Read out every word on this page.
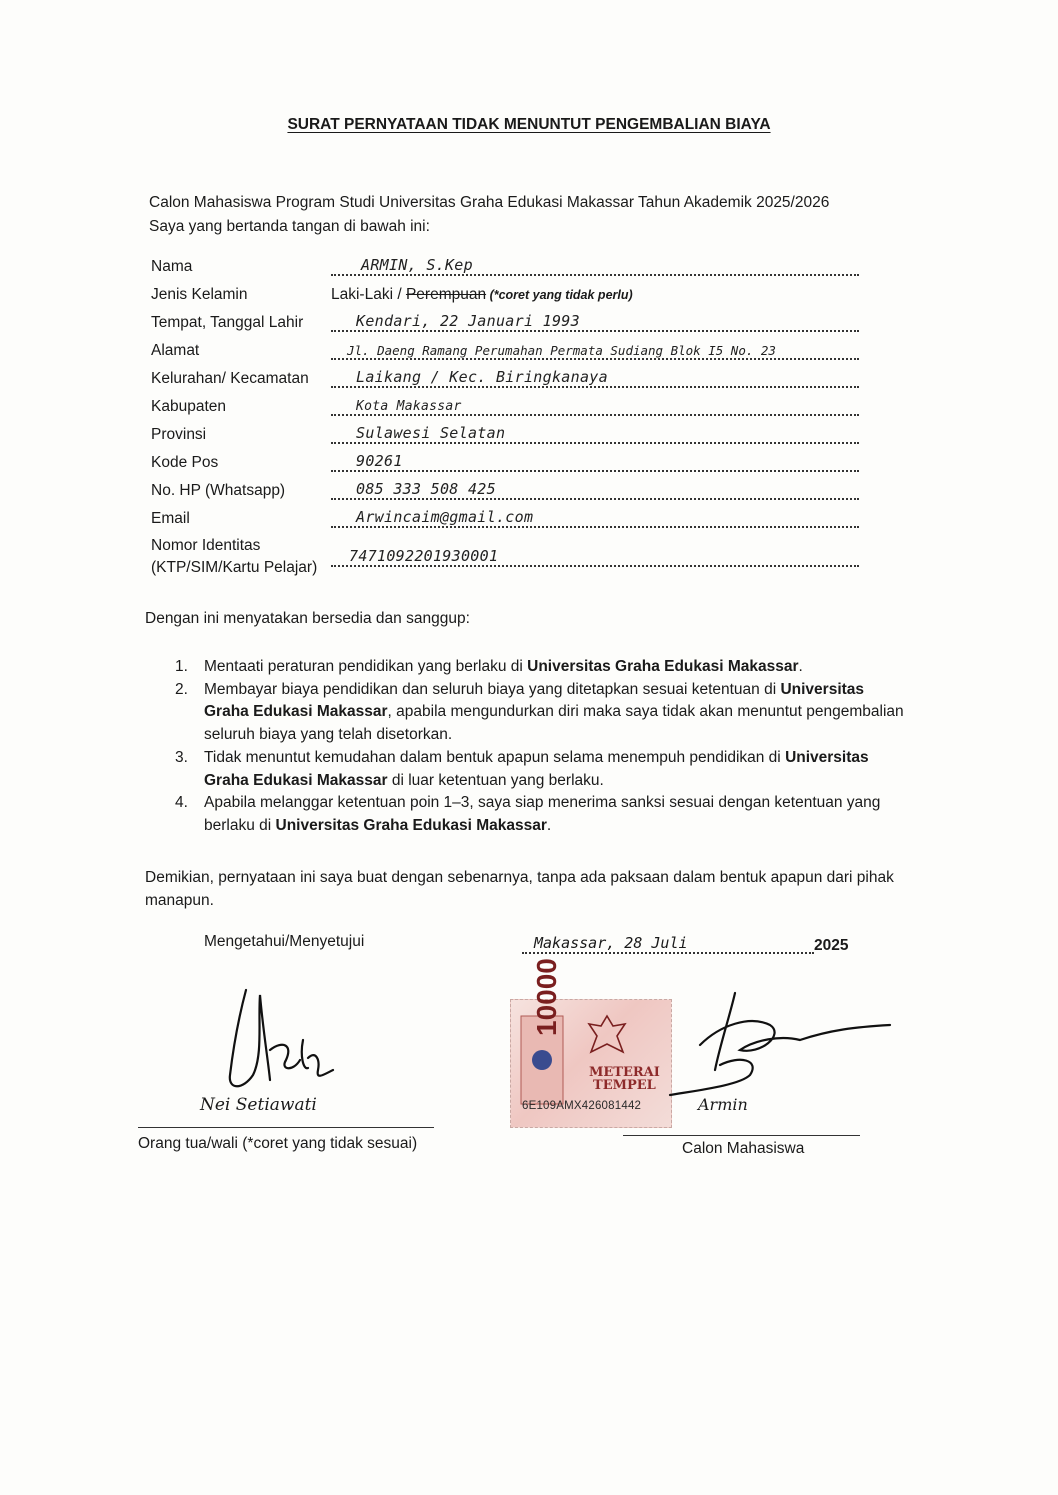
SURAT PERNYATAAN TIDAK MENUNTUT PENGEMBALIAN BIAYA
Calon Mahasiswa Program Studi Universitas Graha Edukasi Makassar Tahun Akademik 2025/2026
Saya yang bertanda tangan di bawah ini:
Nama	ARMIN, S.Kep
Jenis Kelamin	Laki-Laki / Perempuan (*coret yang tidak perlu)
Tempat, Tanggal Lahir	Kendari, 22 Januari 1993
Alamat	Jl. Daeng Ramang Perumahan Permata Sudiang Blok I5 No. 23
Kelurahan/ Kecamatan	Laikang / Kec. Biringkanaya
Kabupaten	Kota Makassar
Provinsi	Sulawesi Selatan
Kode Pos	90261
No. HP (Whatsapp)	085 333 508 425
Email	Arwincaim@gmail.com
Nomor Identitas
(KTP/SIM/Kartu Pelajar)
7471092201930001
Dengan ini menyatakan bersedia dan sanggup:
1. Mentaati peraturan pendidikan yang berlaku di Universitas Graha Edukasi Makassar.
2. Membayar biaya pendidikan dan seluruh biaya yang ditetapkan sesuai ketentuan di Universitas Graha Edukasi Makassar, apabila mengundurkan diri maka saya tidak akan menuntut pengembalian seluruh biaya yang telah disetorkan.
3. Tidak menuntut kemudahan dalam bentuk apapun selama menempuh pendidikan di Universitas Graha Edukasi Makassar di luar ketentuan yang berlaku.
4. Apabila melanggar ketentuan poin 1–3, saya siap menerima sanksi sesuai dengan ketentuan yang berlaku di Universitas Graha Edukasi Makassar.
Demikian, pernyataan ini saya buat dengan sebenarnya, tanpa ada paksaan dalam bentuk apapun dari pihak manapun.
Mengetahui/Menyetujui	Makassar, 28 Juli	2025
Nei Setiawati
Orang tua/wali (*coret yang tidak sesuai)
10000
METERAI
TEMPEL
6E109AMX426081442	Armin
Calon Mahasiswa
